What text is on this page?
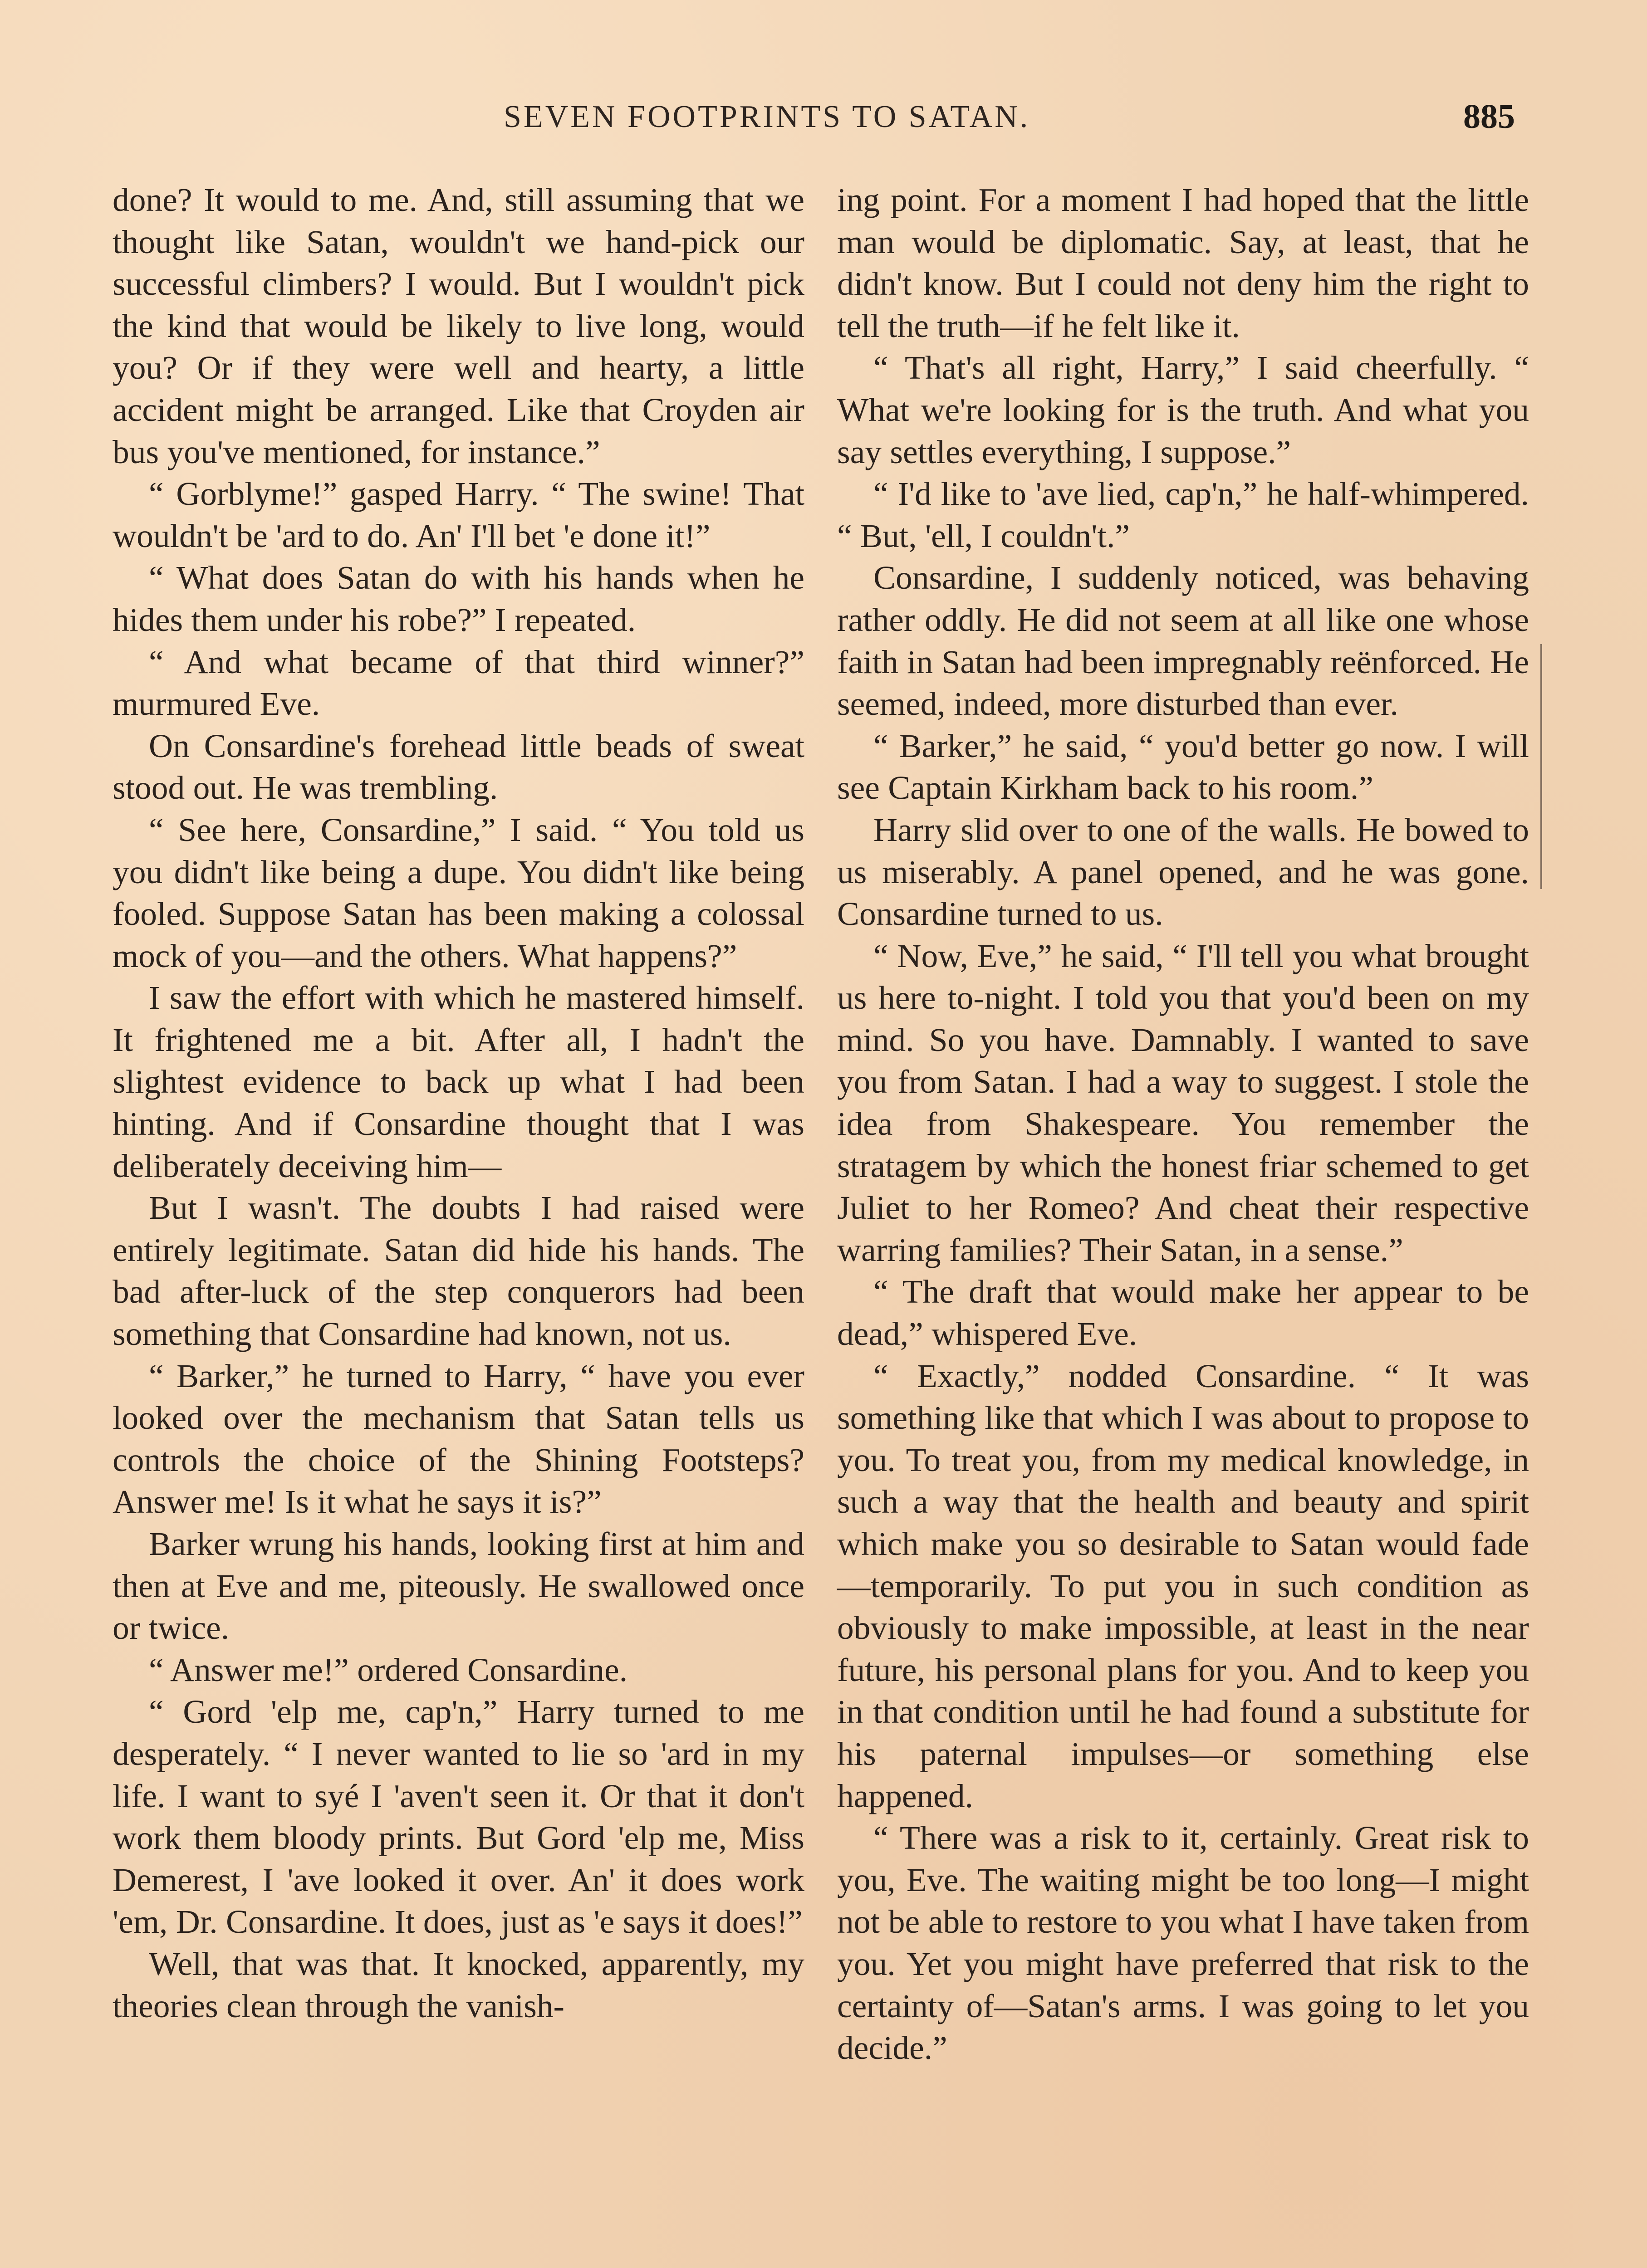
SEVEN FOOTPRINTS TO SATAN.	885

done? It would to me. And, still assuming that we thought like Satan, wouldn't we hand-pick our successful climbers? I would. But I wouldn't pick the kind that would be likely to live long, would you? Or if they were well and hearty, a little accident might be arranged. Like that Croyden air bus you've mentioned, for instance.”

“ Gorblyme!” gasped Harry. “ The swine! That wouldn't be 'ard to do. An' I'll bet 'e done it!”

“ What does Satan do with his hands when he hides them under his robe?” I repeated.

“ And what became of that third winner?” murmured Eve.

On Consardine's forehead little beads of sweat stood out. He was trembling.

“ See here, Consardine,” I said. “ You told us you didn't like being a dupe. You didn't like being fooled. Suppose Satan has been making a colossal mock of you—and the others. What happens?”

I saw the effort with which he mastered himself. It frightened me a bit. After all, I hadn't the slightest evidence to back up what I had been hinting. And if Consardine thought that I was deliberately deceiving him—

But I wasn't. The doubts I had raised were entirely legitimate. Satan did hide his hands. The bad after-luck of the step conquerors had been something that Consardine had known, not us.

“ Barker,” he turned to Harry, “ have you ever looked over the mechanism that Satan tells us controls the choice of the Shining Footsteps? Answer me! Is it what he says it is?”

Barker wrung his hands, looking first at him and then at Eve and me, piteously. He swallowed once or twice.

“ Answer me!” ordered Consardine.

“ Gord 'elp me, cap'n,” Harry turned to me desperately. “ I never wanted to lie so 'ard in my life. I want to syé I 'aven't seen it. Or that it don't work them bloody prints. But Gord 'elp me, Miss Demerest, I 'ave looked it over. An' it does work 'em, Dr. Consardine. It does, just as 'e says it does!”

Well, that was that. It knocked, apparently, my theories clean through the vanish-

ing point. For a moment I had hoped that the little man would be diplomatic. Say, at least, that he didn't know. But I could not deny him the right to tell the truth—if he felt like it.

“ That's all right, Harry,” I said cheerfully. “ What we're looking for is the truth. And what you say settles everything, I suppose.”

“ I'd like to 'ave lied, cap'n,” he half-whimpered. “ But, 'ell, I couldn't.”

Consardine, I suddenly noticed, was behaving rather oddly. He did not seem at all like one whose faith in Satan had been impregnably reënforced. He seemed, indeed, more disturbed than ever.

“ Barker,” he said, “ you'd better go now. I will see Captain Kirkham back to his room.”

Harry slid over to one of the walls. He bowed to us miserably. A panel opened, and he was gone. Consardine turned to us.

“ Now, Eve,” he said, “ I'll tell you what brought us here to-night. I told you that you'd been on my mind. So you have. Damnably. I wanted to save you from Satan. I had a way to suggest. I stole the idea from Shakespeare. You remember the stratagem by which the honest friar schemed to get Juliet to her Romeo? And cheat their respective warring families? Their Satan, in a sense.”

“ The draft that would make her appear to be dead,” whispered Eve.

“ Exactly,” nodded Consardine. “ It was something like that which I was about to propose to you. To treat you, from my medical knowledge, in such a way that the health and beauty and spirit which make you so desirable to Satan would fade—temporarily. To put you in such condition as obviously to make impossible, at least in the near future, his personal plans for you. And to keep you in that condition until he had found a substitute for his paternal impulses—or something else happened.

“ There was a risk to it, certainly. Great risk to you, Eve. The waiting might be too long—I might not be able to restore to you what I have taken from you. Yet you might have preferred that risk to the certainty of—Satan's arms. I was going to let you decide.”
